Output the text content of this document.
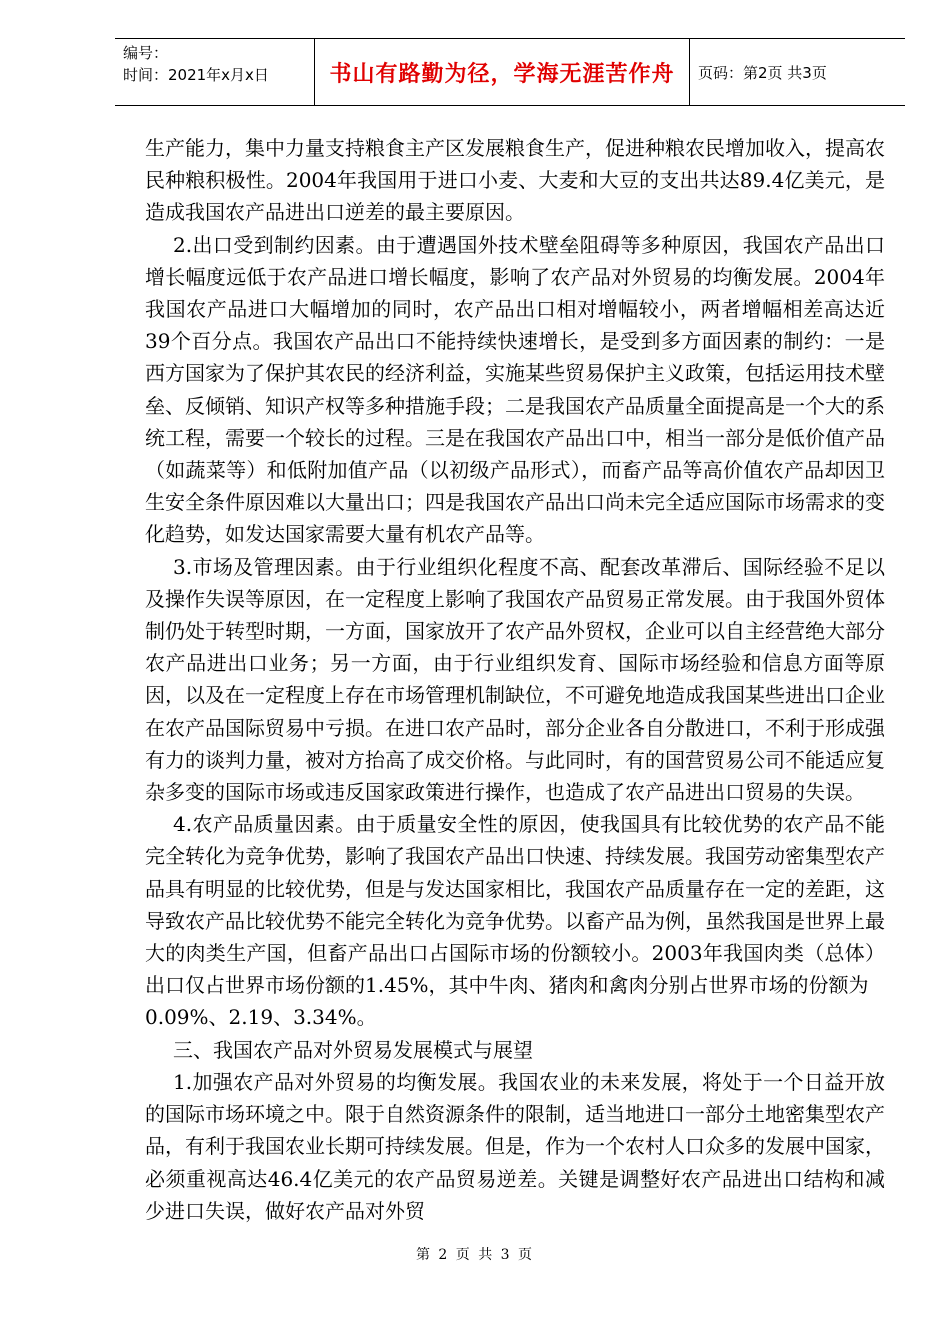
编号：
时间：2021年x月x日	书山有路勤为径，学海无涯苦作舟	页码：第2页 共3页

生产能力，集中力量支持粮食主产区发展粮食生产，促进种粮农民增加收入，提高农民种粮积极性。2004年我国用于进口小麦、大麦和大豆的支出共达89.4亿美元，是造成我国农产品进出口逆差的最主要原因。

2.出口受到制约因素。由于遭遇国外技术壁垒阻碍等多种原因，我国农产品出口增长幅度远低于农产品进口增长幅度，影响了农产品对外贸易的均衡发展。2004年我国农产品进口大幅增加的同时，农产品出口相对增幅较小，两者增幅相差高达近39个百分点。我国农产品出口不能持续快速增长，是受到多方面因素的制约：一是西方国家为了保护其农民的经济利益，实施某些贸易保护主义政策，包括运用技术壁垒、反倾销、知识产权等多种措施手段；二是我国农产品质量全面提高是一个大的系统工程，需要一个较长的过程。三是在我国农产品出口中，相当一部分是低价值产品（如蔬菜等）和低附加值产品（以初级产品形式），而畜产品等高价值农产品却因卫生安全条件原因难以大量出口；四是我国农产品出口尚未完全适应国际市场需求的变化趋势，如发达国家需要大量有机农产品等。

3.市场及管理因素。由于行业组织化程度不高、配套改革滞后、国际经验不足以及操作失误等原因，在一定程度上影响了我国农产品贸易正常发展。由于我国外贸体制仍处于转型时期，一方面，国家放开了农产品外贸权，企业可以自主经营绝大部分农产品进出口业务；另一方面，由于行业组织发育、国际市场经验和信息方面等原因，以及在一定程度上存在市场管理机制缺位，不可避免地造成我国某些进出口企业在农产品国际贸易中亏损。在进口农产品时，部分企业各自分散进口，不利于形成强有力的谈判力量，被对方抬高了成交价格。与此同时，有的国营贸易公司不能适应复杂多变的国际市场或违反国家政策进行操作，也造成了农产品进出口贸易的失误。

4.农产品质量因素。由于质量安全性的原因，使我国具有比较优势的农产品不能完全转化为竞争优势，影响了我国农产品出口快速、持续发展。我国劳动密集型农产品具有明显的比较优势，但是与发达国家相比，我国农产品质量存在一定的差距，这导致农产品比较优势不能完全转化为竞争优势。以畜产品为例，虽然我国是世界上最大的肉类生产国，但畜产品出口占国际市场的份额较小。2003年我国肉类（总体）出口仅占世界市场份额的1.45%，其中牛肉、猪肉和禽肉分别占世界市场的份额为

0.09%、2.19、3.34%。

三、我国农产品对外贸易发展模式与展望

1.加强农产品对外贸易的均衡发展。我国农业的未来发展，将处于一个日益开放的国际市场环境之中。限于自然资源条件的限制，适当地进口一部分土地密集型农产品，有利于我国农业长期可持续发展。但是，作为一个农村人口众多的发展中国家，必须重视高达46.4亿美元的农产品贸易逆差。关键是调整好农产品进出口结构和减少进口失误，做好农产品对外贸

第 2 页 共 3 页
